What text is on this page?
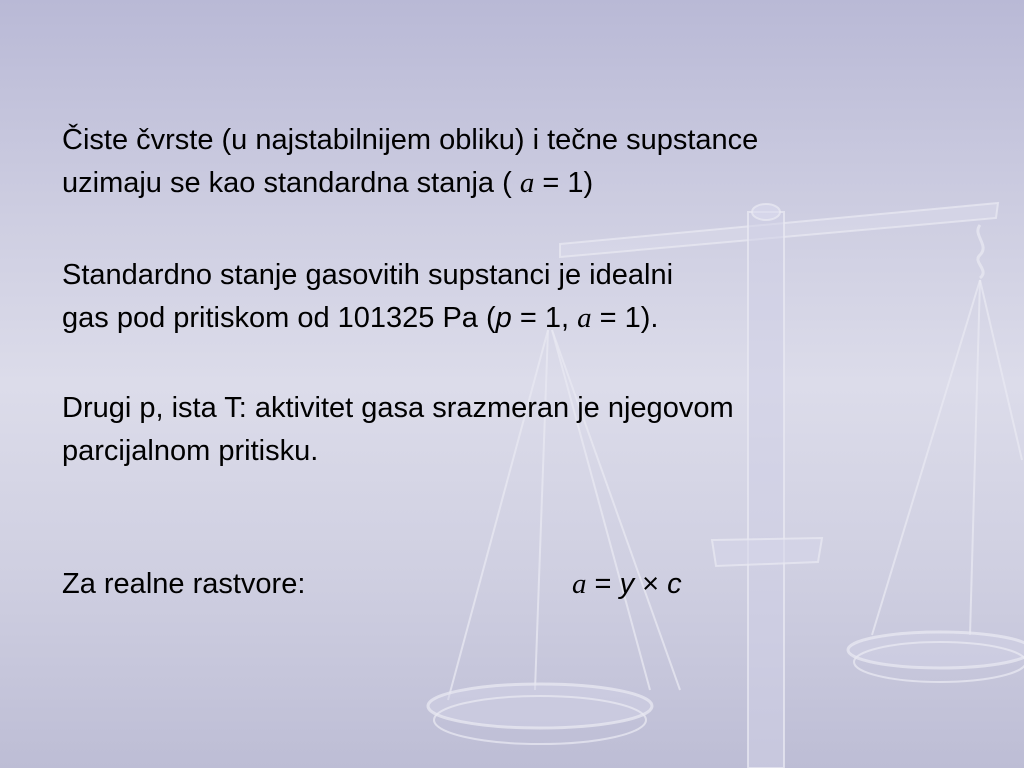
Čiste čvrste (u najstabilnijem obliku) i tečne supstance
uzimaju se kao standardna stanja ( a = 1)

Standardno stanje gasovitih supstanci je idealni
gas pod pritiskom od 101325 Pa (p = 1, a = 1).

Drugi p, ista T: aktivitet gasa srazmeran je njegovom
parcijalnom pritisku.

Za realne rastvore:	a = y × c
